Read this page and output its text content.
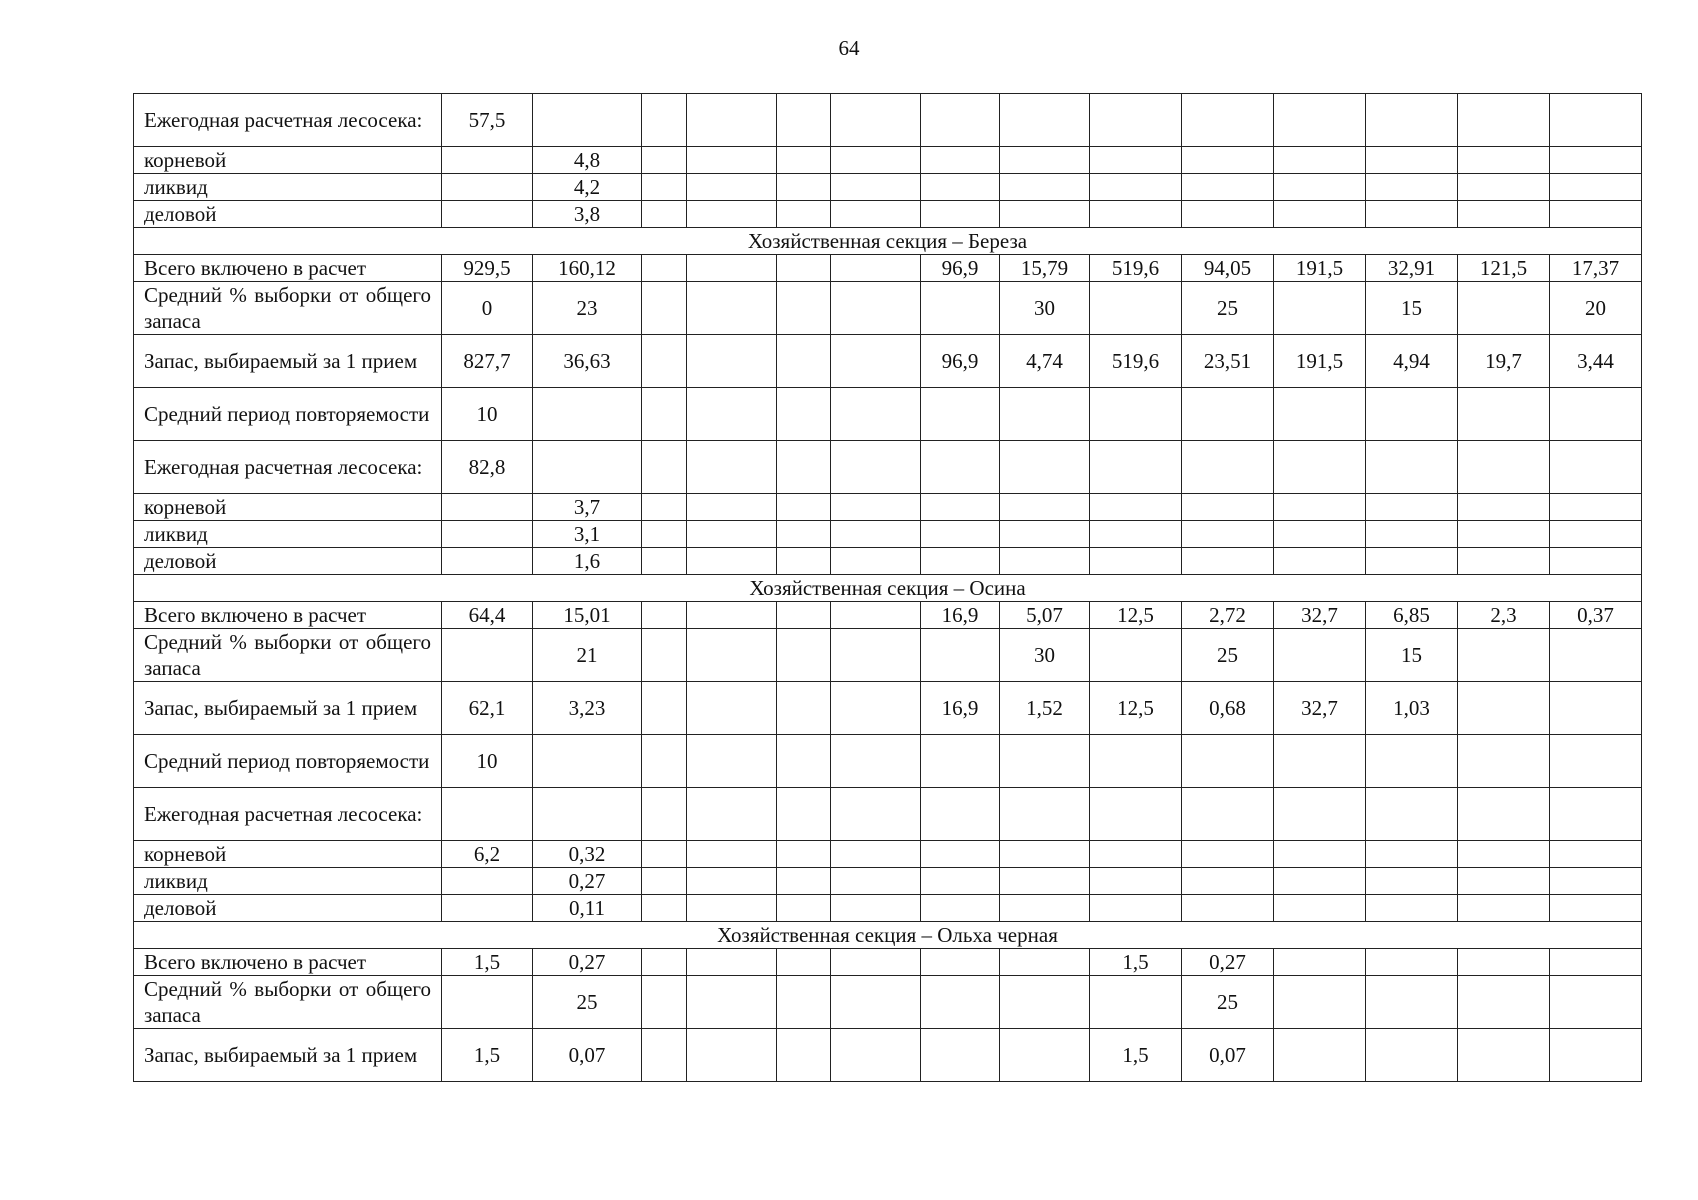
64
Ежегодная расчетная лесосека:	57,5													
корневой		4,8												
ликвид		4,2												
деловой		3,8												
Хозяйственная секция – Береза														
Всего включено в расчет	929,5	160,12					96,9	15,79	519,6	94,05	191,5	32,91	121,5	17,37
Средний % выборки от общего запаса	0	23						30		25		15		20
Запас, выбираемый за 1 прием	827,7	36,63					96,9	4,74	519,6	23,51	191,5	4,94	19,7	3,44
Средний период повторяемости	10													
Ежегодная расчетная лесосека:	82,8													
корневой		3,7												
ликвид		3,1												
деловой		1,6												
Хозяйственная секция – Осина														
Всего включено в расчет	64,4	15,01					16,9	5,07	12,5	2,72	32,7	6,85	2,3	0,37
Средний % выборки от общего запаса		21						30		25		15		
Запас, выбираемый за 1 прием	62,1	3,23					16,9	1,52	12,5	0,68	32,7	1,03		
Средний период повторяемости	10													
Ежегодная расчетная лесосека:														
корневой	6,2	0,32												
ликвид		0,27												
деловой		0,11												
Хозяйственная секция – Ольха черная														
Всего включено в расчет	1,5	0,27							1,5	0,27				
Средний % выборки от общего запаса		25								25				
Запас, выбираемый за 1 прием	1,5	0,07							1,5	0,07				
